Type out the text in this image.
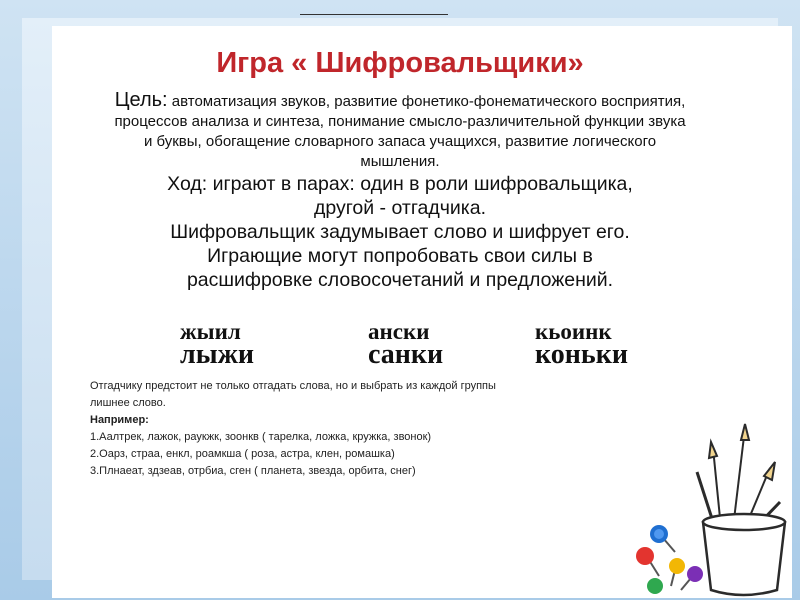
Игра « Шифровальщики»
Цель: автоматизация звуков, развитие фонетико-фонематического восприятия, процессов анализа и синтеза, понимание смысло-различительной функции звука и буквы, обогащение словарного запаса учащихся, развитие логического мышления.
Ход: играют в парах: один в роли шифровальщика,
другой - отгадчика.
Шифровальщик задумывает слово и шифрует его.
Играющие могут попробовать свои силы в
расшифровке словосочетаний и предложений.
жыил
лыжи
ански
санки
кьоинк
коньки
Отгадчику предстоит не только отгадать слова, но и выбрать из каждой группы лишнее слово.
Например:
1.Аалтрек, лажок, раукжк, зоонкв ( тарелка, ложка, кружка, звонок)
2.Оарз, страа, енкл, роамкша ( роза, астра, клен, ромашка)
3.Плнаеат, здзеав, отрбиа, сген ( планета, звезда, орбита, снег)
